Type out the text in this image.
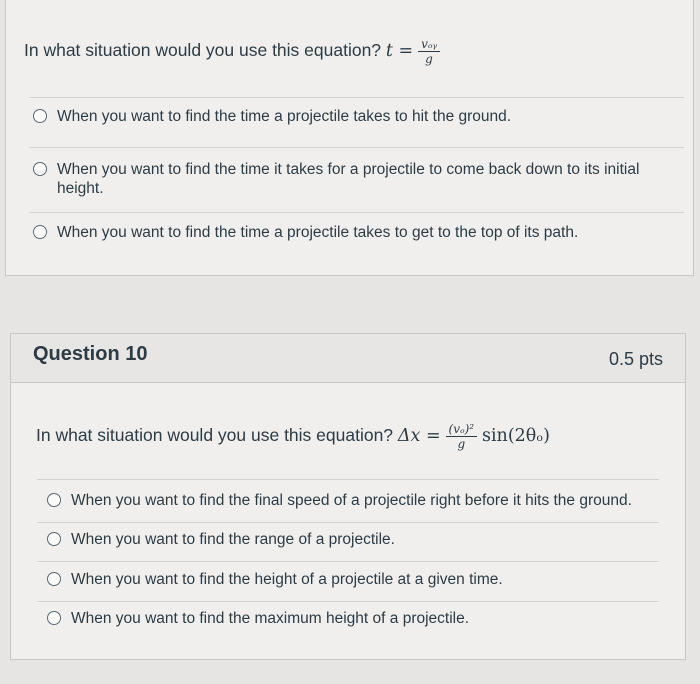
In what situation would you use this equation? $t = \frac{\text{vₒᵧ}}{g}$
When you want to find the time a projectile takes to hit the ground.
When you want to find the time it takes for a projectile to come back down to its initial height.
When you want to find the time a projectile takes to get to the top of its path.
Question 10	0.5 pts
In what situation would you use this equation? $\Delta x = \frac{\text{(vₒ)²}}{g} \sin(2\theta_o)$
When you want to find the final speed of a projectile right before it hits the ground.
When you want to find the range of a projectile.
When you want to find the height of a projectile at a given time.
When you want to find the maximum height of a projectile.
